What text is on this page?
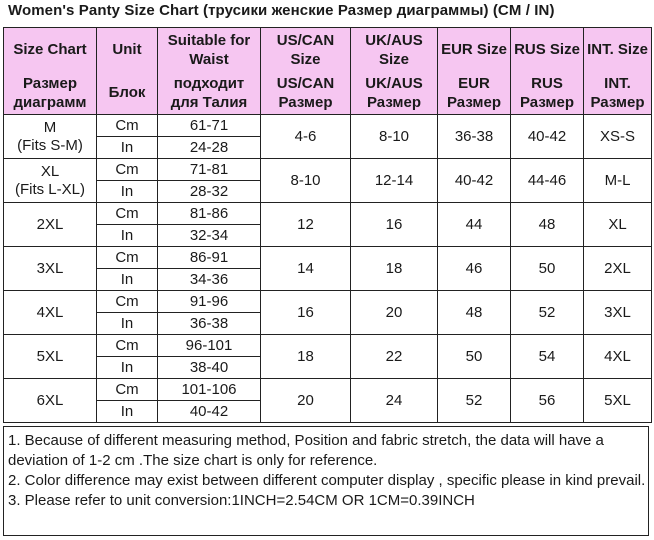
Women's Panty Size Chart (трусики женские Размер диаграммы) (CM / IN)
Size Chart	Unit	Suitable for Waist	US/CAN Size	UK/AUS Size	EUR Size	RUS Size	INT. Size
Размер диаграмм	Блок	подходит для Талия	US/CAN Размер	UK/AUS Размер	EUR Размер	RUS Размер	INT. Размер
M
(Fits S-M)	Cm	61-71	4-6	8-10	36-38	40-42	XS-S
	In	24-28					
XL
(Fits L-XL)	Cm	71-81	8-10	12-14	40-42	44-46	M-L
	In	28-32					
2XL	Cm	81-86	12	16	44	48	XL
	In	32-34					
3XL	Cm	86-91	14	18	46	50	2XL
	In	34-36					
4XL	Cm	91-96	16	20	48	52	3XL
	In	36-38					
5XL	Cm	96-101	18	22	50	54	4XL
	In	38-40					
6XL	Cm	101-106	20	24	52	56	5XL
	In	40-42					
1. Because of different measuring method, Position and fabric stretch, the data will have a deviation of 1-2 cm .The size chart is only for reference.
2. Color difference may exist between different computer display , specific please in kind prevail.
3. Please refer to unit conversion:1INCH=2.54CM OR 1CM=0.39INCH
